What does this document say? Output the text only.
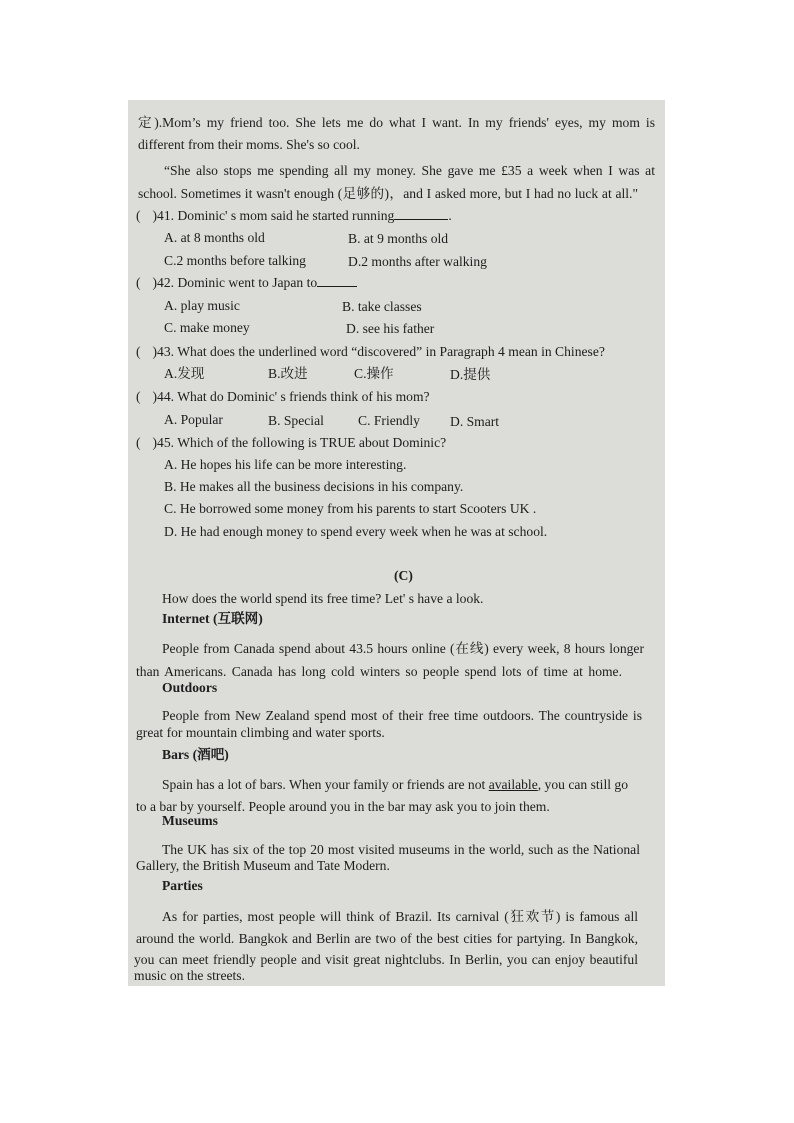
定).Mom’s my friend too. She lets me do what I want. In my friends' eyes, my mom is
different from their moms. She's so cool.
“She also stops me spending all my money. She gave me £35 a week when I was at
school. Sometimes it wasn't enough (足够的)，and I asked more, but I had no luck at all."
( )41. Dominic' s mom said he started running	.
A. at 8 months old	B. at 9 months old
C.2 months before talking	D.2 months after walking
( )42. Dominic went to Japan to
A. play music	B. take classes
C. make money	D. see his father
( )43. What does the underlined word “discovered” in Paragraph 4 mean in Chinese?
A.发现	B.改进	C.操作	D.提供
( )44. What do Dominic' s friends think of his mom?
A. Popular	B. Special	C. Friendly D. Smart
( )45. Which of the following is TRUE about Dominic?
A. He hopes his life can be more interesting.
B. He makes all the business decisions in his company.
C. He borrowed some money from his parents to start Scooters UK .
D. He had enough money to spend every week when he was at school.
(C)
How does the world spend its free time? Let' s have a look.
Internet (互联网)
People from Canada spend about 43.5 hours online (在线) every week, 8 hours longer
than Americans. Canada has long cold winters so people spend lots of time at home.
Outdoors
People from New Zealand spend most of their free time outdoors. The countryside is
great for mountain climbing and water sports.
Bars (酒吧)
Spain has a lot of bars. When your family or friends are not available, you can still go
to a bar by yourself. People around you in the bar may ask you to join them.
Museums
The UK has six of the top 20 most visited museums in the world, such as the National
Gallery, the British Museum and Tate Modern.
Parties
As for parties, most people will think of Brazil. Its carnival (狂欢节) is famous all
around the world. Bangkok and Berlin are two of the best cities for partying. In Bangkok,
you can meet friendly people and visit great nightclubs. In Berlin, you can enjoy beautiful
music on the streets.
